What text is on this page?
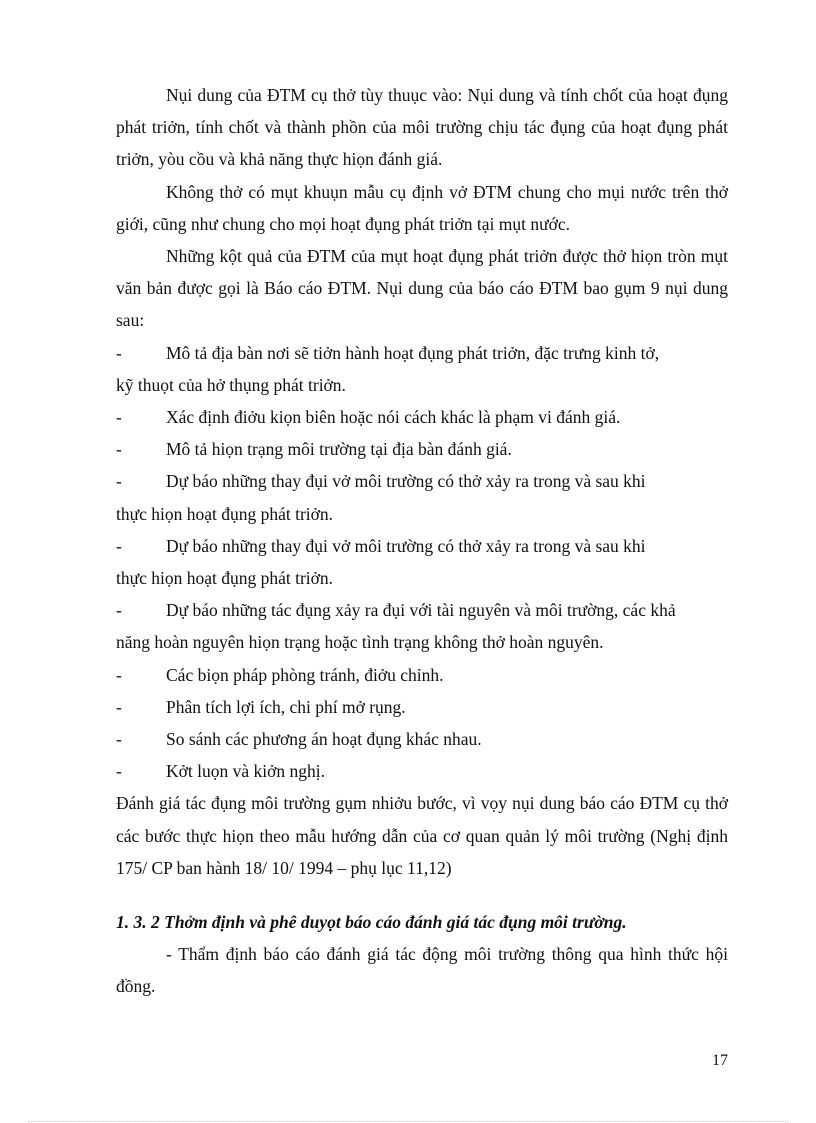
Nụi dung của ĐTM cụ thở tùy thuục vào: Nụi dung và tính chốt của hoạt đụng phát triởn, tính chốt và thành phồn của môi trường chịu tác đụng của hoạt đụng phát triởn, yòu cồu và khả năng thực hiọn đánh giá.

Không thở có mụt khuụn mẫu cụ định vở ĐTM chung cho mụi nước trên thở giới, cũng như chung cho mọi hoạt đụng phát triởn tại mụt nước.

Những kột quả của ĐTM của mụt hoạt đụng phát triởn được thở hiọn tròn mụt văn bản được gọi là Báo cáo ĐTM. Nụi dung của báo cáo ĐTM bao gụm 9 nụi dung sau:

-	Mô tả địa bàn nơi sẽ tiởn hành hoạt đụng phát triởn, đặc trưng kinh tở,

kỹ thuọt của hở thụng phát triởn.

-	Xác định điởu kiọn biên hoặc nói cách khác là phạm vi đánh giá.
-	Mô tả hiọn trạng môi trường tại địa bàn đánh giá.
-	Dự báo những thay đụi vở môi trường có thở xảy ra trong và sau khi

thực hiọn hoạt đụng phát triởn.

-	Dự báo những thay đụi vở môi trường có thở xảy ra trong và sau khi

thực hiọn hoạt đụng phát triởn.

-	Dự báo những tác đụng xảy ra đụi với tài nguyên và môi trường, các khả

năng hoàn nguyên hiọn trạng hoặc tình trạng không thở hoàn nguyên.

-	Các biọn pháp phòng tránh, điởu chỉnh.
-	Phân tích lợi ích, chi phí mở rụng.
-	So sánh các phương án hoạt đụng khác nhau.
-	Kởt luọn và kiởn nghị.

Đánh giá tác đụng môi trường gụm nhiởu bước, vì vọy nụi dung báo cáo ĐTM cụ thở các bước thực hiọn theo mẫu hướng dẫn của cơ quan quản lý môi trường (Nghị định 175/ CP ban hành 18/ 10/ 1994 – phụ lục 11,12)

1. 3. 2 Thởm định và phê duyọt báo cáo đánh giá tác đụng môi trường.

- Thẩm định báo cáo đánh giá tác động môi trường thông qua hình thức hội đồng.

17
